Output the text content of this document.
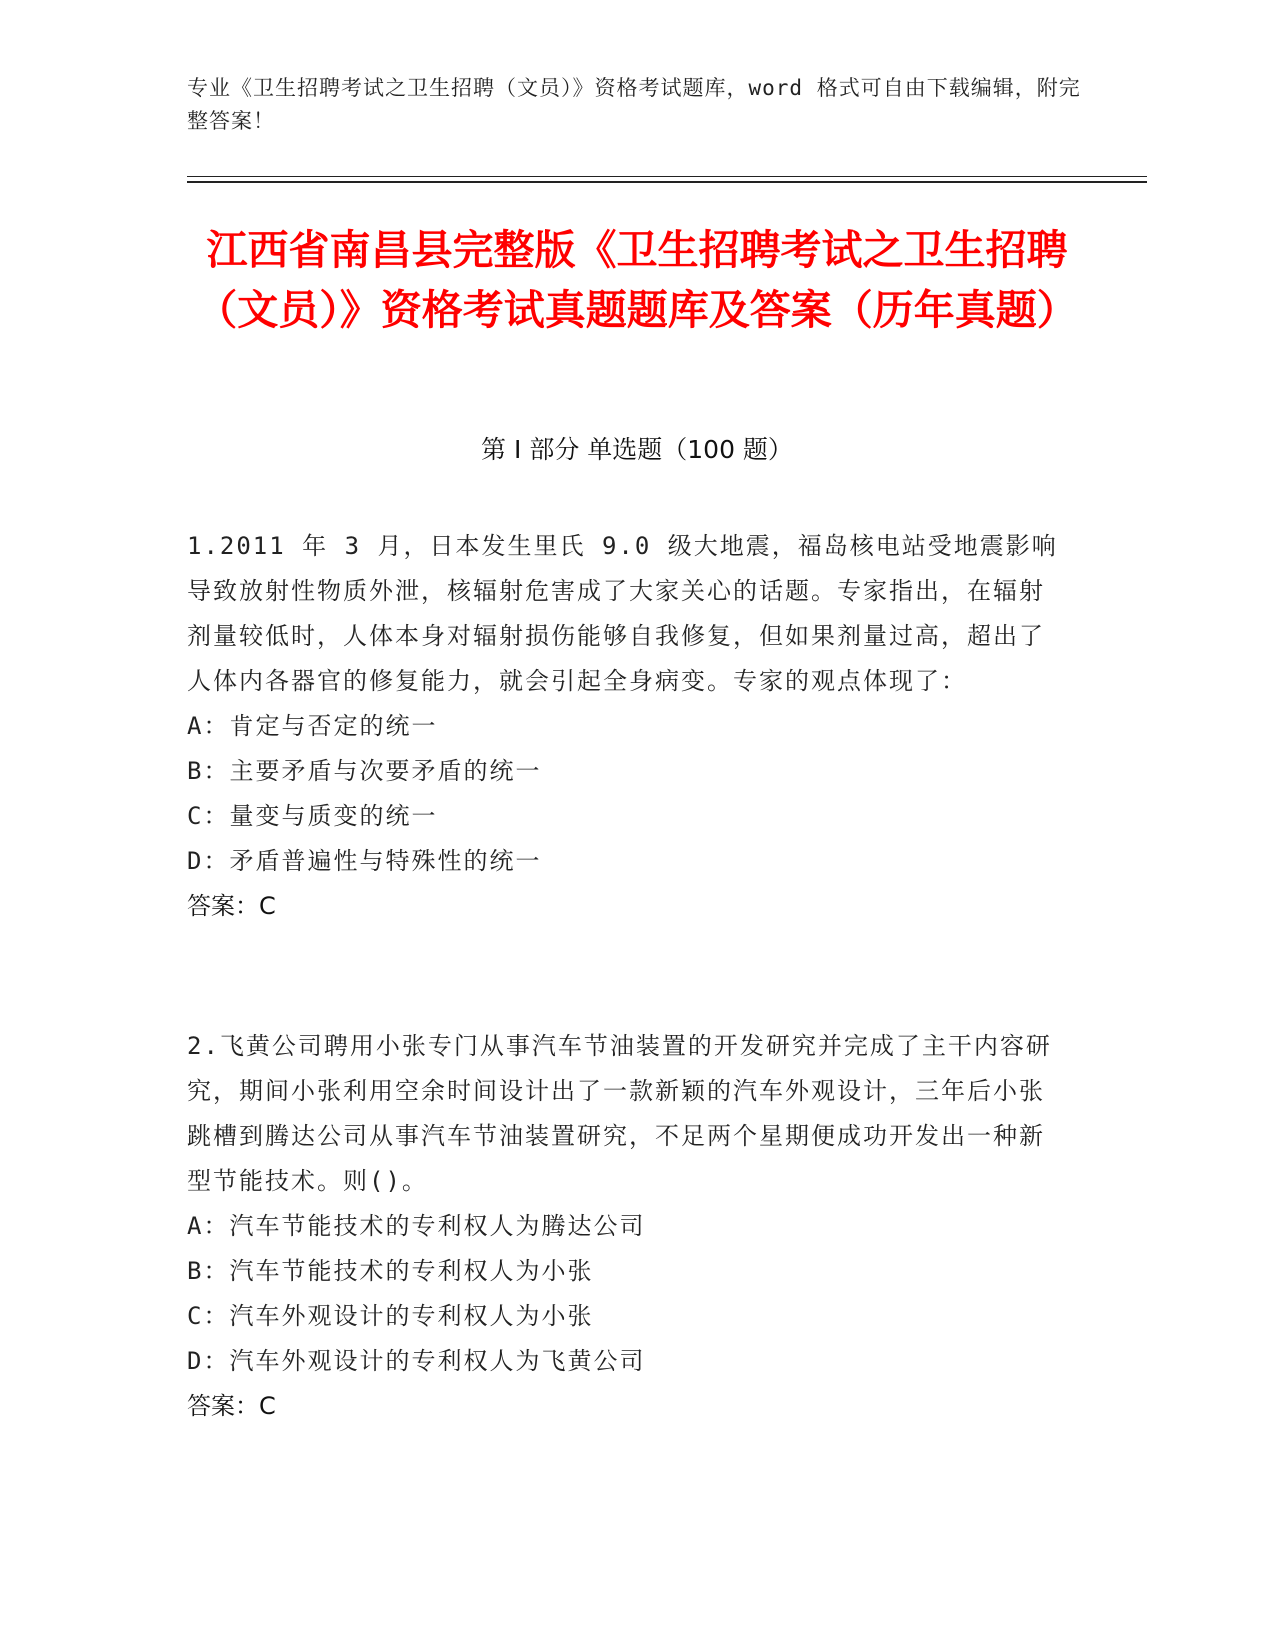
专业《卫生招聘考试之卫生招聘（文员）》资格考试题库，word 格式可自由下载编辑，附完整答案！

江西省南昌县完整版《卫生招聘考试之卫生招聘（文员）》资格考试真题题库及答案（历年真题）
第 I 部分 单选题（100 题）

1.2011 年 3 月，日本发生里氏 9.0 级大地震，福岛核电站受地震影响导致放射性物质外泄，核辐射危害成了大家关心的话题。专家指出，在辐射剂量较低时，人体本身对辐射损伤能够自我修复，但如果剂量过高，超出了人体内各器官的修复能力，就会引起全身病变。专家的观点体现了：

A：肯定与否定的统一

B：主要矛盾与次要矛盾的统一

C：量变与质变的统一

D：矛盾普遍性与特殊性的统一

答案：C

2.飞黄公司聘用小张专门从事汽车节油装置的开发研究并完成了主干内容研究，期间小张利用空余时间设计出了一款新颖的汽车外观设计，三年后小张跳槽到腾达公司从事汽车节油装置研究，不足两个星期便成功开发出一种新型节能技术。则()。

A：汽车节能技术的专利权人为腾达公司

B：汽车节能技术的专利权人为小张

C：汽车外观设计的专利权人为小张

D：汽车外观设计的专利权人为飞黄公司

答案：C
